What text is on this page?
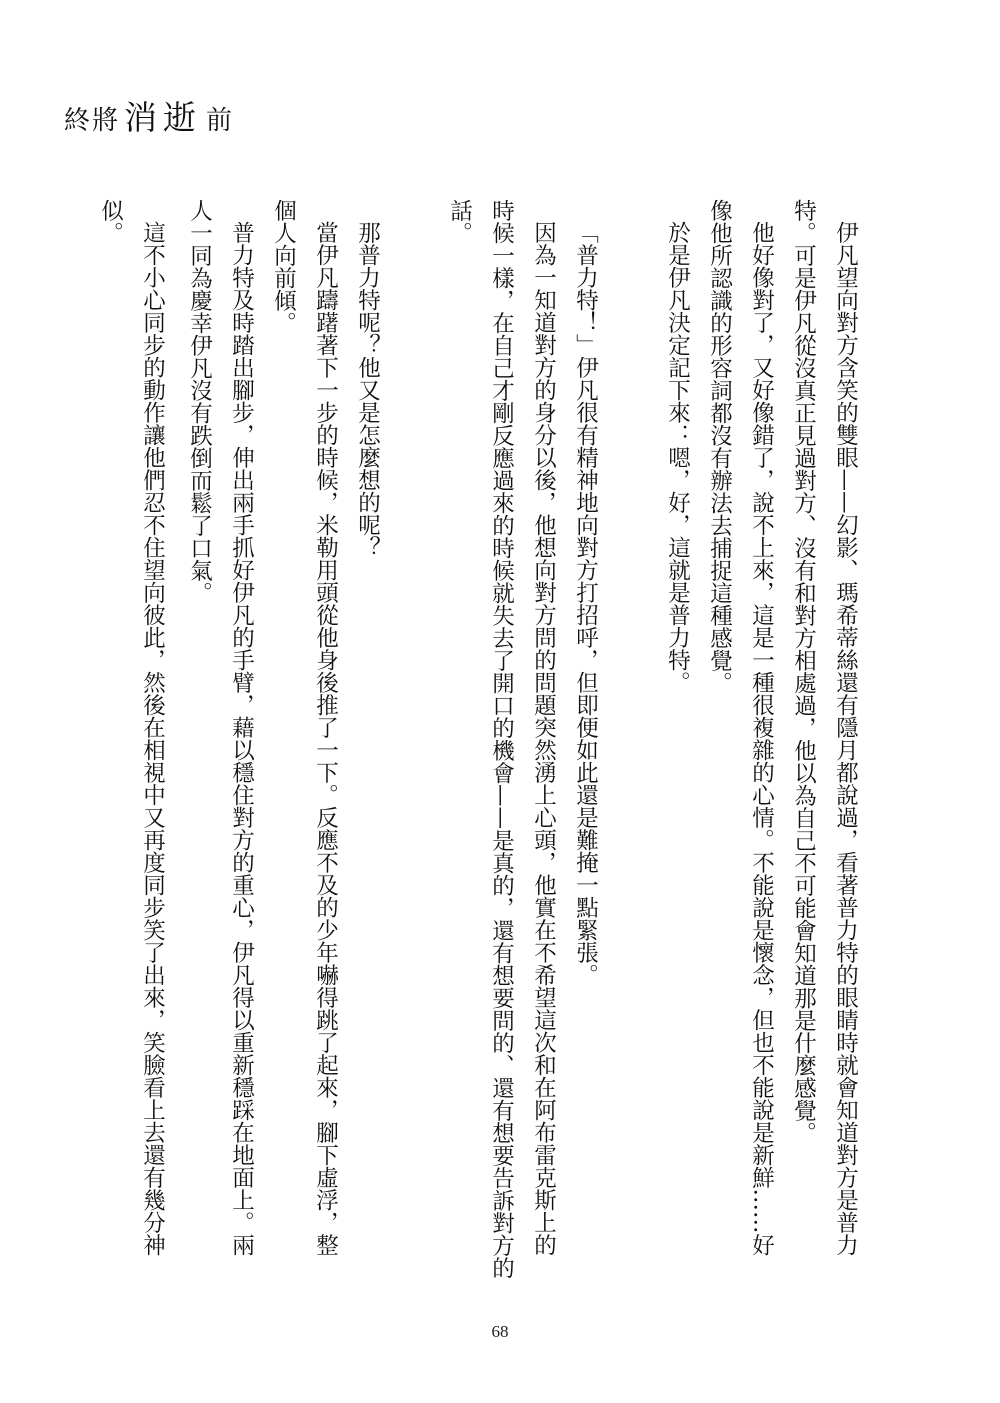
終將 消逝 前
伊凡望向對方含笑的雙眼——幻影、瑪希蒂絲還有隱月都說過，看著普力特的眼睛時就會知道對方是普力
特。可是伊凡從沒真正見過對方、沒有和對方相處過，他以為自己不可能會知道那是什麼感覺。
他好像對了，又好像錯了，說不上來，這是一種很複雜的心情。不能說是懷念，但也不能說是新鮮……好
像他所認識的形容詞都沒有辦法去捕捉這種感覺。
於是伊凡決定記下來：嗯，好，這就是普力特。
「普力特！」伊凡很有精神地向對方打招呼，但即便如此還是難掩一點緊張。
因為一知道對方的身分以後，他想向對方問的問題突然湧上心頭，他實在不希望這次和在阿布雷克斯上的
時候一樣，在自己才剛反應過來的時候就失去了開口的機會——是真的，還有想要問的、還有想要告訴對方的
話。
那普力特呢？他又是怎麼想的呢？
當伊凡躊躇著下一步的時候，米勒用頭從他身後推了一下。反應不及的少年嚇得跳了起來，腳下虛浮，整
個人向前傾。
普力特及時踏出腳步，伸出兩手抓好伊凡的手臂，藉以穩住對方的重心，伊凡得以重新穩踩在地面上。兩
人一同為慶幸伊凡沒有跌倒而鬆了口氣。
這不小心同步的動作讓他們忍不住望向彼此，然後在相視中又再度同步笑了出來，笑臉看上去還有幾分神
似。
68
